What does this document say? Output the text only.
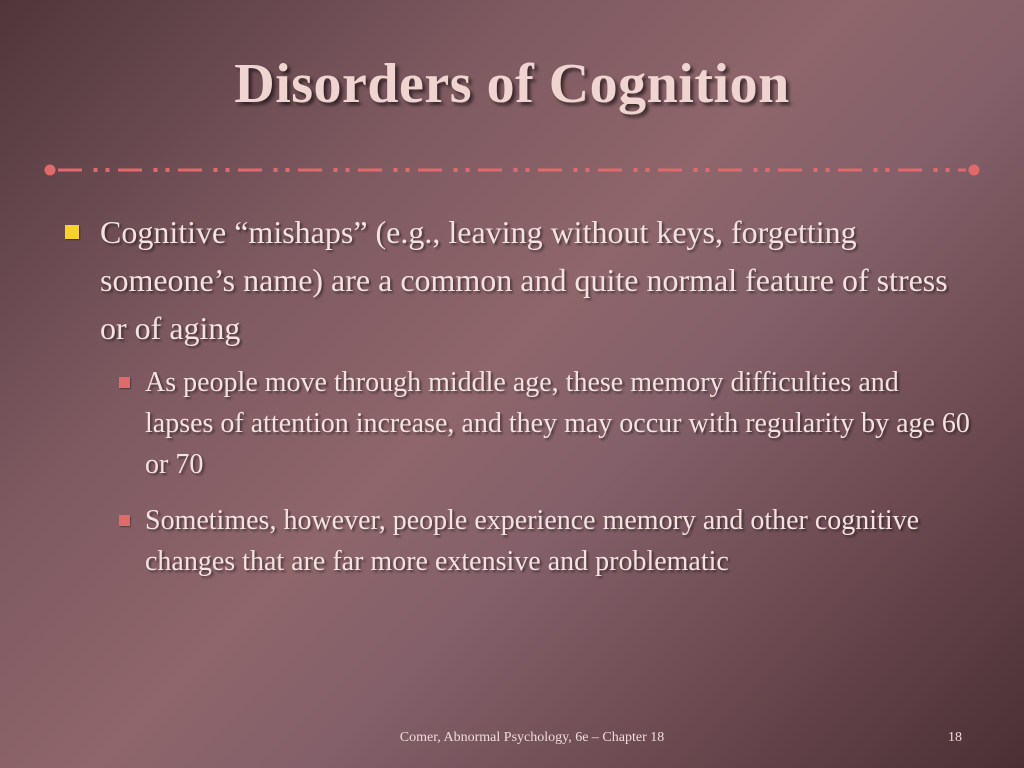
Disorders of Cognition
Cognitive “mishaps” (e.g., leaving without keys, forgetting someone’s name) are a common and quite normal feature of stress or of aging
As people move through middle age, these memory difficulties and lapses of attention increase, and they may occur with regularity by age 60 or 70
Sometimes, however, people experience memory and other cognitive changes that are far more extensive and problematic
Comer, Abnormal Psychology, 6e – Chapter 18	18
